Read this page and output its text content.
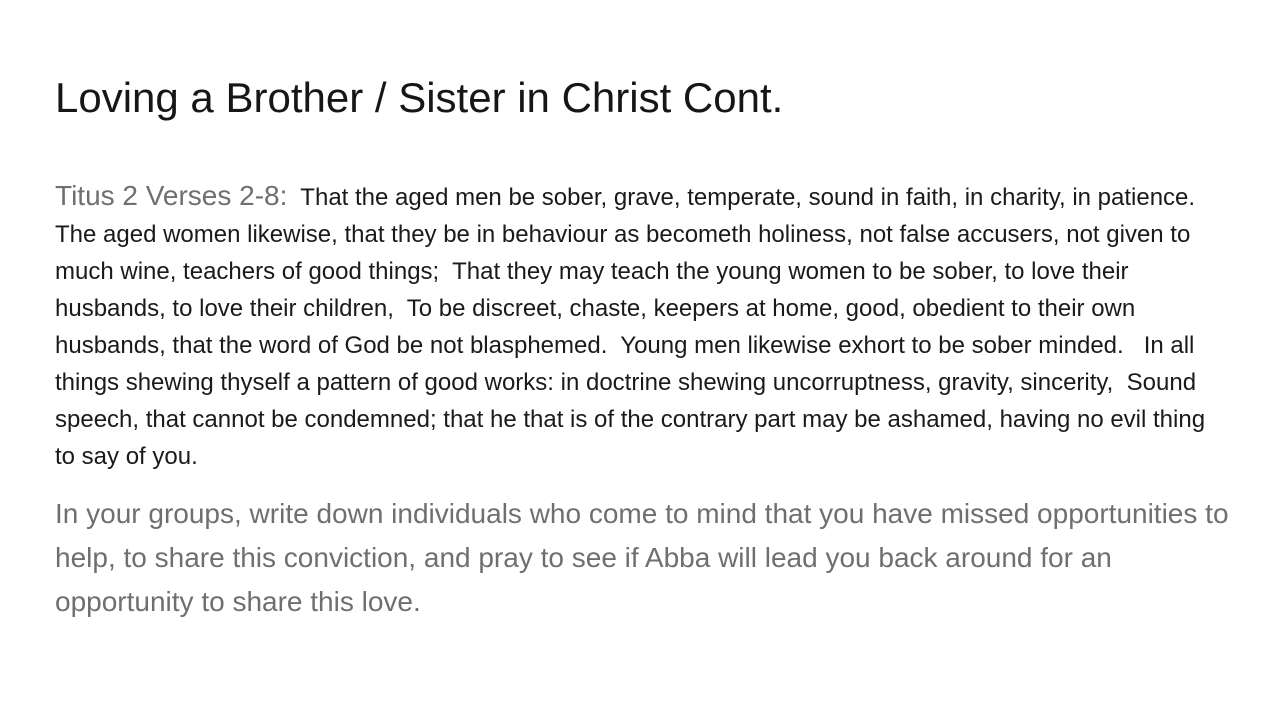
Loving a Brother / Sister in Christ Cont.
Titus 2 Verses 2-8:  That the aged men be sober, grave, temperate, sound in faith, in charity, in patience.  The aged women likewise, that they be in behaviour as becometh holiness, not false accusers, not given to much wine, teachers of good things;  That they may teach the young women to be sober, to love their husbands, to love their children,  To be discreet, chaste, keepers at home, good, obedient to their own husbands, that the word of God be not blasphemed.  Young men likewise exhort to be sober minded.   In all things shewing thyself a pattern of good works: in doctrine shewing uncorruptness, gravity, sincerity,  Sound speech, that cannot be condemned; that he that is of the contrary part may be ashamed, having no evil thing to say of you.
In your groups, write down individuals who come to mind that you have missed opportunities to help, to share this conviction, and pray to see if Abba will lead you back around for an opportunity to share this love.
